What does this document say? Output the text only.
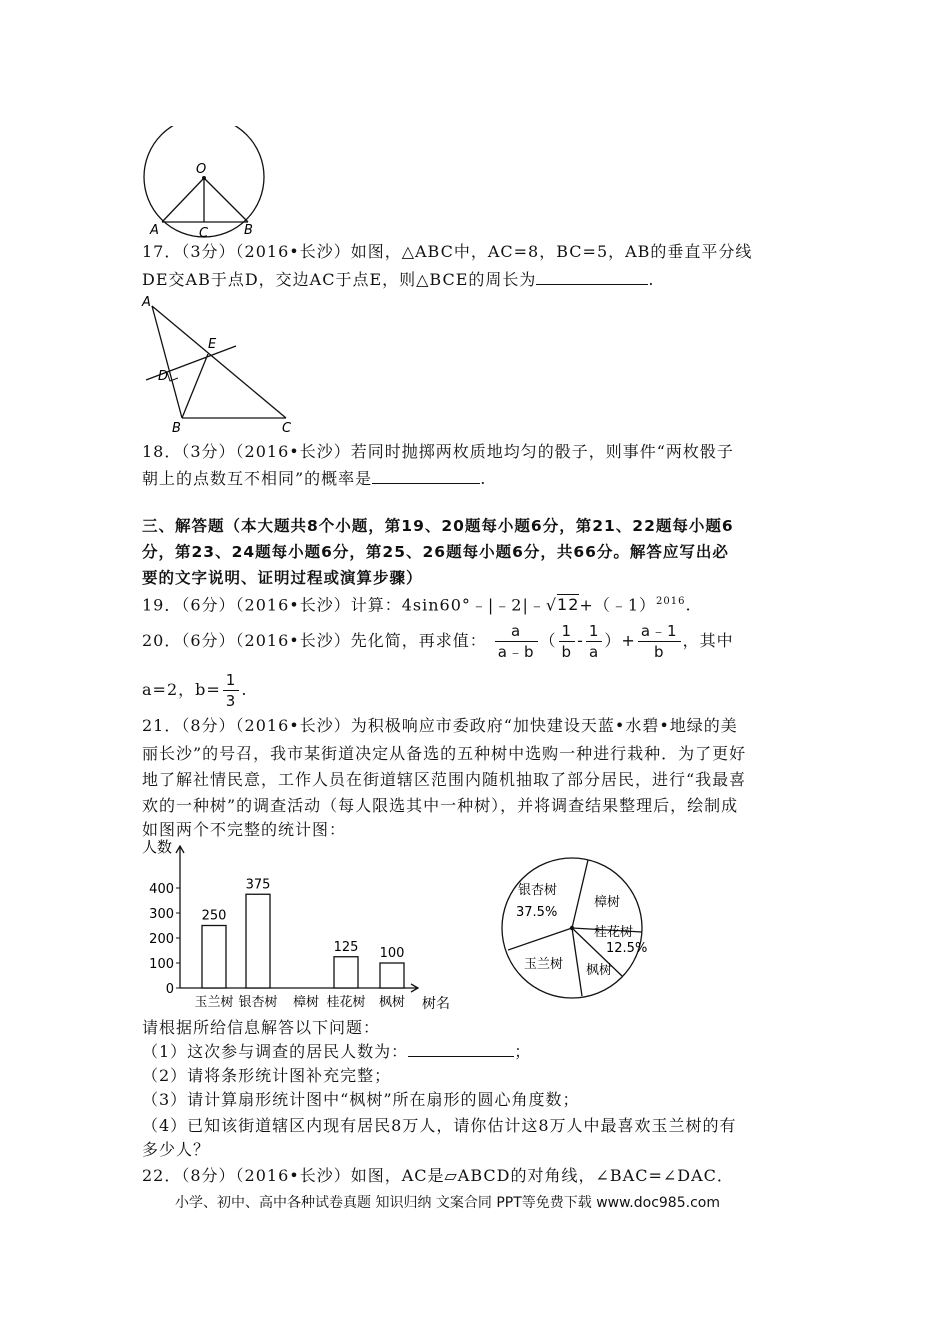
O
A	C	B
17．（3分）（2016•长沙）如图，△ABC中，AC=8，BC=5，AB的垂直平分线
DE交AB于点D，交边AC于点E，则△BCE的周长为	.
A
E
D
B	C
18．（3分）（2016•长沙）若同时抛掷两枚质地均匀的骰子，则事件“两枚骰子
朝上的点数互不相同”的概率是	.
三、解答题（本大题共8个小题，第19、20题每小题6分，第21、22题每小题6
分，第23、24题每小题6分，第25、26题每小题6分，共66分。解答应写出必
要的文字说明、证明过程或演算步骤）
19．（6分）（2016•长沙）计算：4sin60°﹣|﹣2|﹣√12+（﹣1）$^{2016}$.
20．（6分）（2016•长沙）先化简，再求值： $\frac{a}{a﹣b}$ （ $\frac{1}{b} - \frac{1}{a}$ ）+ $\frac{a﹣1}{b}$ ，其中
a=2，$b= \frac{1}{3}$ .
21．（8分）（2016•长沙）为积极响应市委政府“加快建设天蓝•水碧•地绿的美
丽长沙”的号召，我市某街道决定从备选的五种树中选购一种进行栽种．为了更好
地了解社情民意，工作人员在街道辖区范围内随机抽取了部分居民，进行“我最喜
欢的一种树”的调查活动（每人限选其中一种树），并将调查结果整理后，绘制成
如图两个不完整的统计图：
人数
树名
0
100
200
300
400
玉兰树
250
银杏树
375
樟树 桂花树
125
枫树
100
银杏树
樟树
桂花树
枫树
玉兰树
37.5%
12.5%
请根据所给信息解答以下问题：
（1）这次参与调查的居民人数为：	；
（2）请将条形统计图补充完整；
（3）请计算扇形统计图中“枫树”所在扇形的圆心角度数；
（4）已知该街道辖区内现有居民8万人，请你估计这8万人中最喜欢玉兰树的有
多少人？
22．（8分）（2016•长沙）如图，AC是▱ABCD的对角线，∠BAC=∠DAC．
小学、初中、高中各种试卷真题 知识归纳 文案合同 PPT等免费下载 www.doc985.com
